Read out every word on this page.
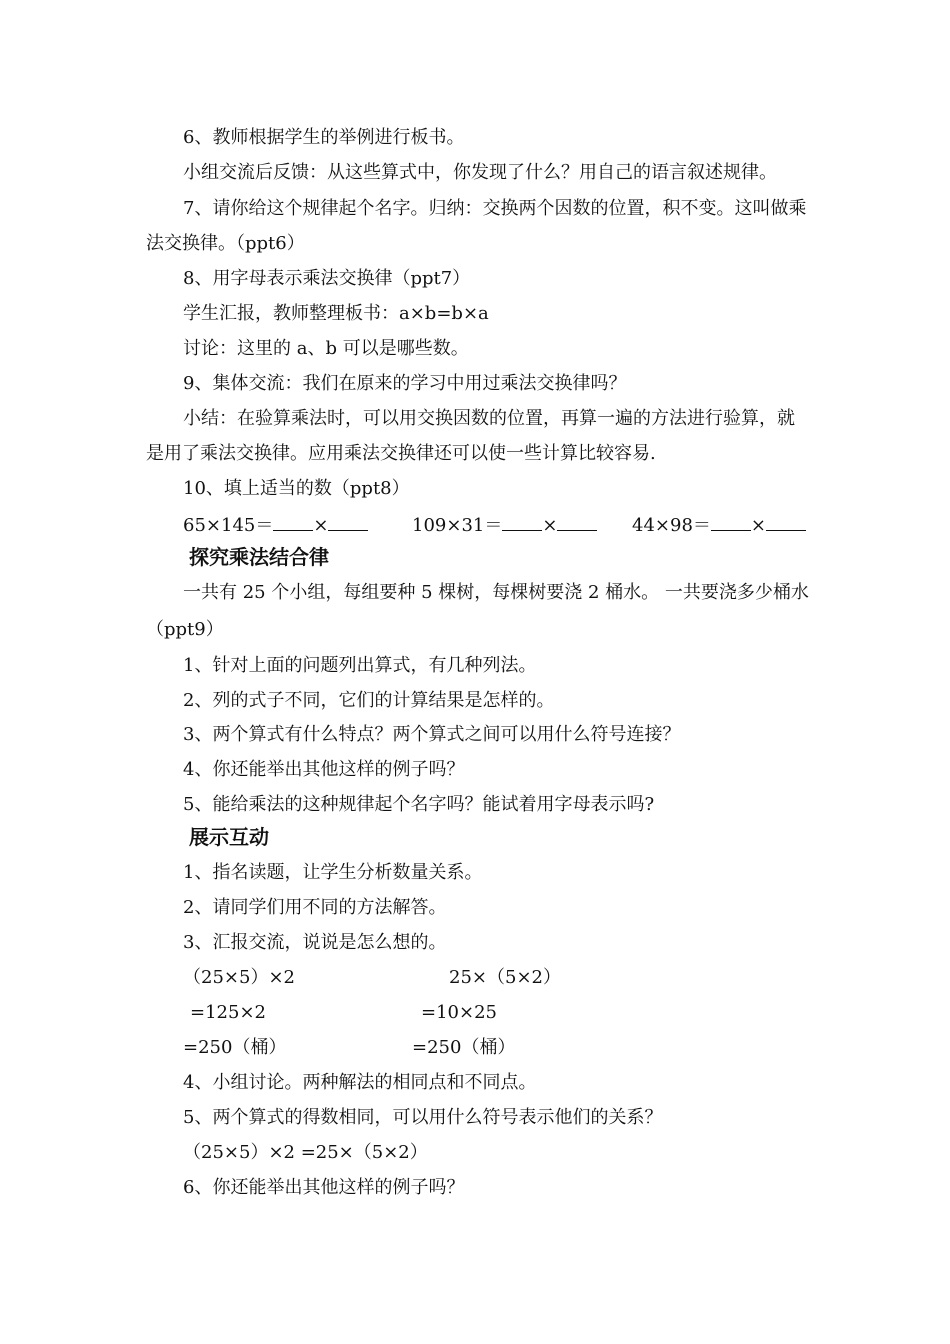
6、教师根据学生的举例进行板书。
小组交流后反馈：从这些算式中，你发现了什么？用自己的语言叙述规律。
7、请你给这个规律起个名字。归纳：交换两个因数的位置，积不变。这叫做乘
法交换律。（ppt6）
8、用字母表示乘法交换律（ppt7）
学生汇报，教师整理板书：a×b=b×a
讨论：这里的 a、b 可以是哪些数。
9、集体交流：我们在原来的学习中用过乘法交换律吗？
小结：在验算乘法时，可以用交换因数的位置，再算一遍的方法进行验算，就
是用了乘法交换律。应用乘法交换律还可以使一些计算比较容易.
10、填上适当的数（ppt8）
65×145＝ ×	109×31＝ ×	44×98＝ ×
探究乘法结合律
一共有 25 个小组，每组要种 5 棵树，每棵树要浇 2 桶水。 一共要浇多少桶水
（ppt9）
1、针对上面的问题列出算式，有几种列法。
2、列的式子不同，它们的计算结果是怎样的。
3、两个算式有什么特点？两个算式之间可以用什么符号连接？
4、你还能举出其他这样的例子吗？
5、能给乘法的这种规律起个名字吗？能试着用字母表示吗?
展示互动
1、指名读题，让学生分析数量关系。
2、请同学们用不同的方法解答。
3、汇报交流，说说是怎么想的。
（25×5）×2
=125×2
=250（桶）
25×（5×2）
=10×25
=250（桶）
4、小组讨论。两种解法的相同点和不同点。
5、两个算式的得数相同，可以用什么符号表示他们的关系？
（25×5）×2 =25×（5×2）
6、你还能举出其他这样的例子吗？
